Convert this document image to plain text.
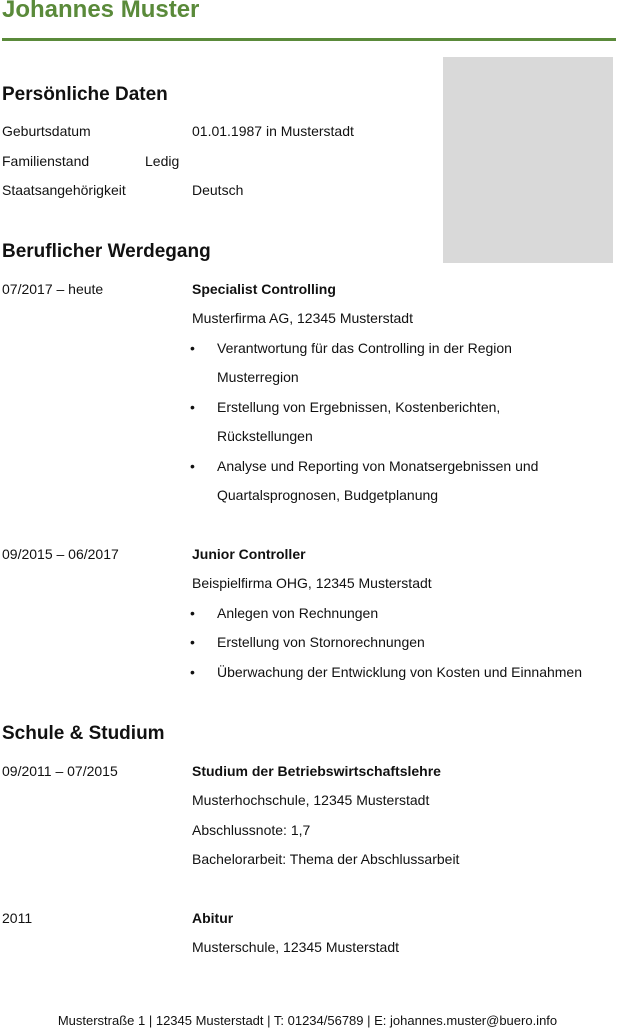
Johannes Muster
Persönliche Daten
Geburtsdatum	01.01.1987 in Musterstadt
Familienstand	Ledig
Staatsangehörigkeit	Deutsch
Beruflicher Werdegang
07/2017 – heute	Specialist Controlling
Musterfirma AG, 12345 Musterstadt
• Verantwortung für das Controlling in der Region
Musterregion
• Erstellung von Ergebnissen, Kostenberichten,
Rückstellungen
• Analyse und Reporting von Monatsergebnissen und
Quartalsprognosen, Budgetplanung
09/2015 – 06/2017	Junior Controller
Beispielfirma OHG, 12345 Musterstadt
• Anlegen von Rechnungen
• Erstellung von Stornorechnungen
• Überwachung der Entwicklung von Kosten und Einnahmen
Schule & Studium
09/2011 – 07/2015	Studium der Betriebswirtschaftslehre
Musterhochschule, 12345 Musterstadt
Abschlussnote: 1,7
Bachelorarbeit: Thema der Abschlussarbeit
2011	Abitur
Musterschule, 12345 Musterstadt
Musterstraße 1 | 12345 Musterstadt | T: 01234/56789 | E: johannes.muster@buero.info
